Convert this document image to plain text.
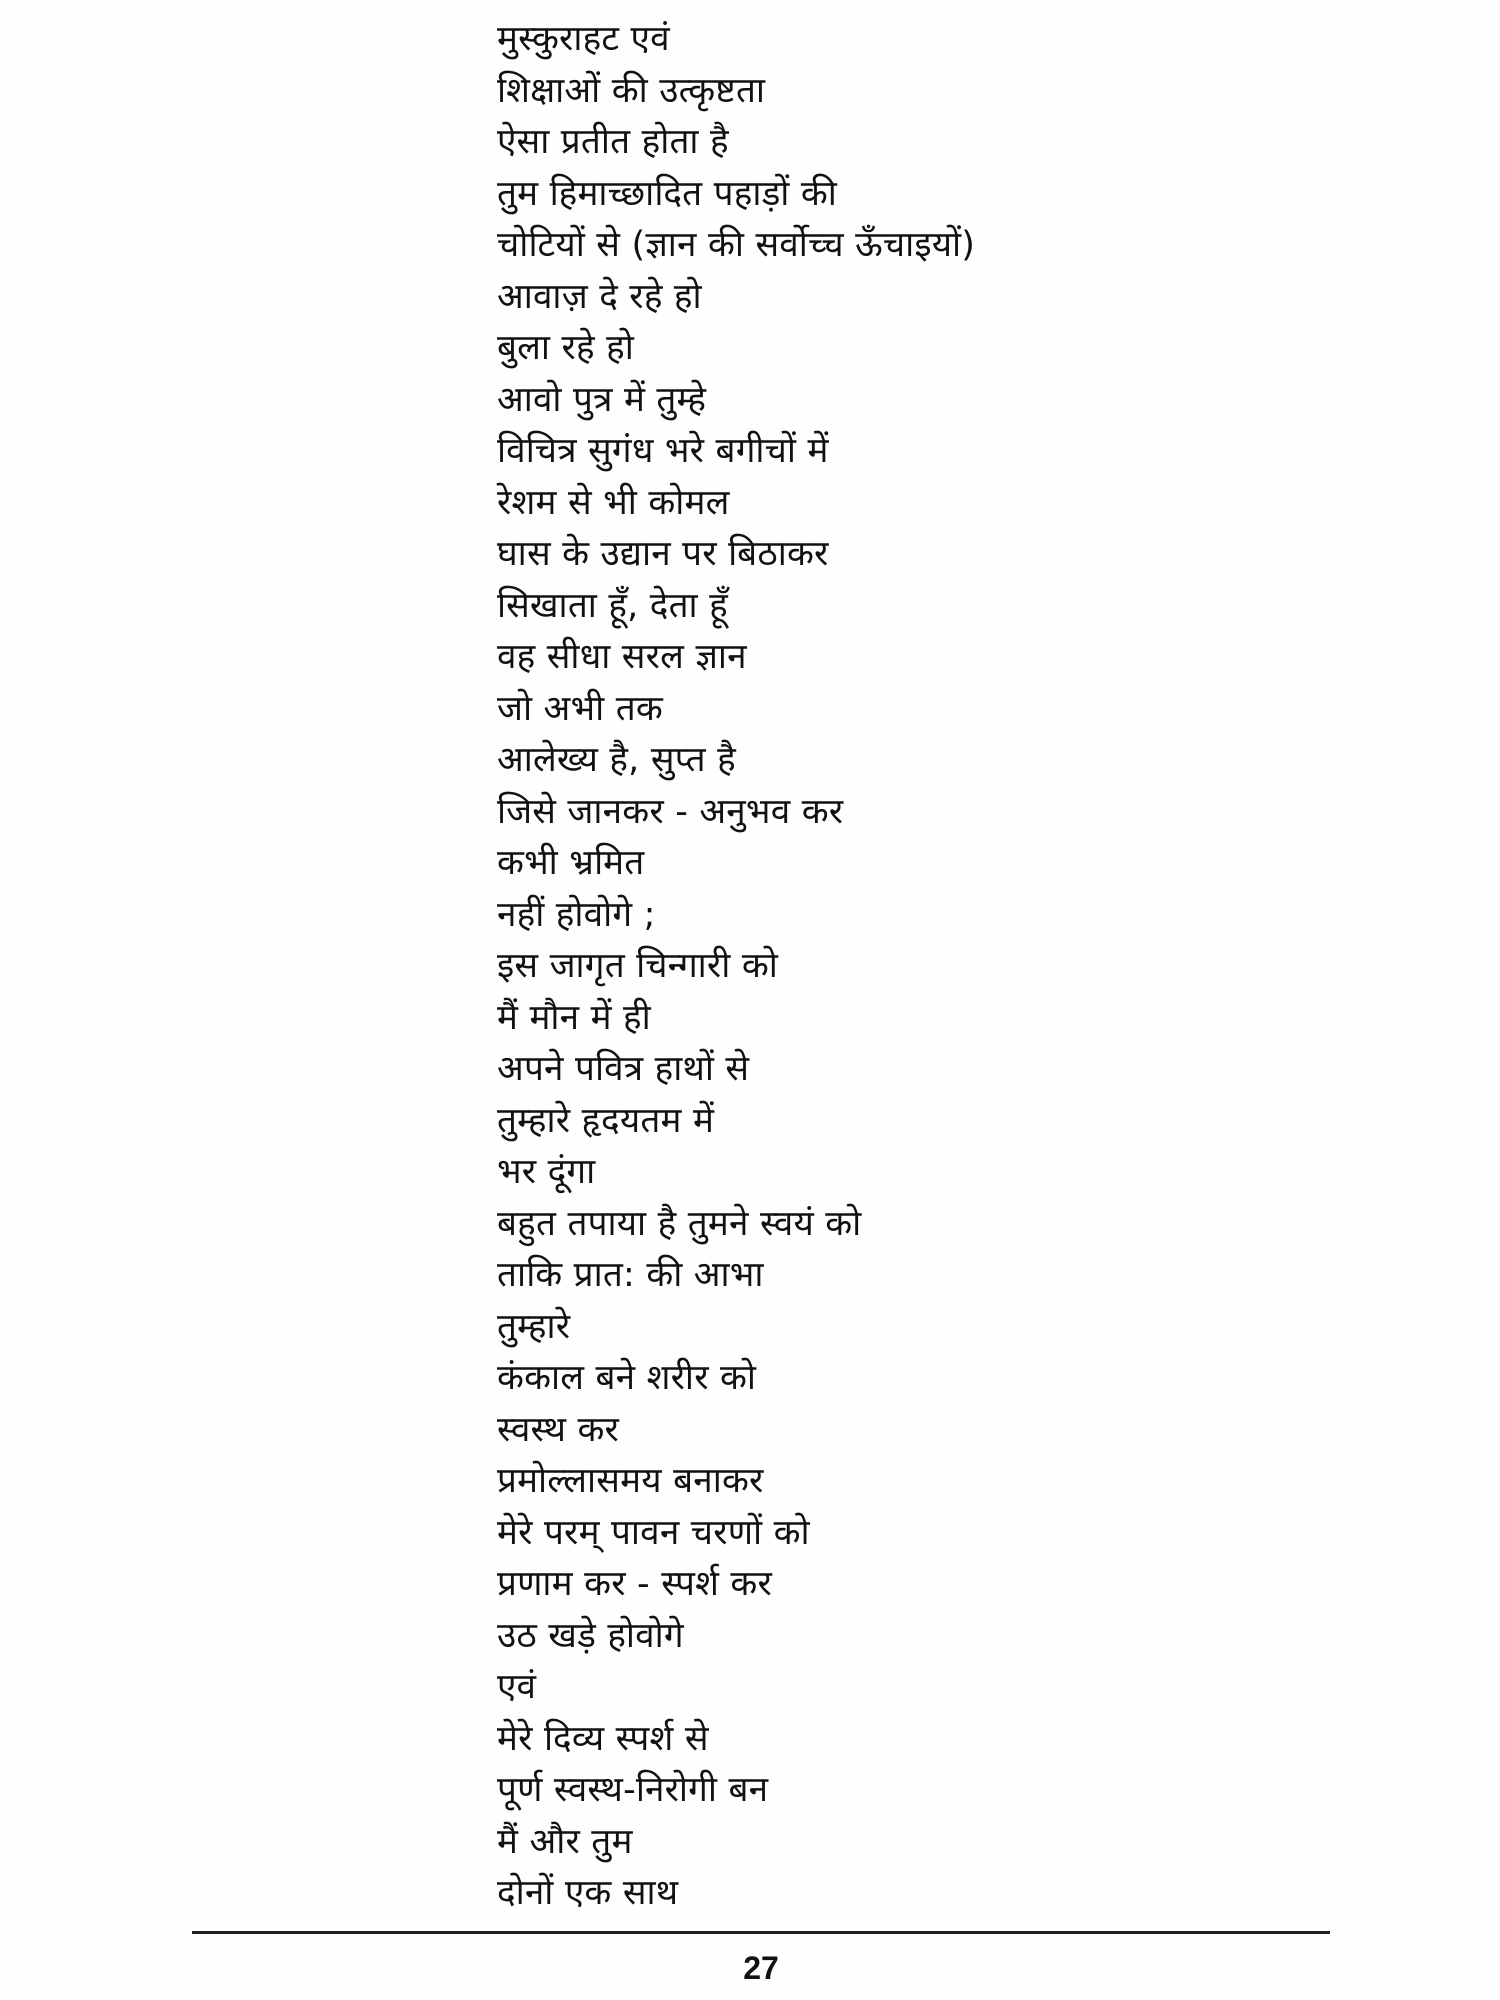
मुस्कुराहट एवं
शिक्षाओं की उत्कृष्टता
ऐसा प्रतीत होता है
तुम हिमाच्छादित पहाड़ों की
चोटियों से (ज्ञान की सर्वोच्च ऊँचाइयों)
आवाज़ दे रहे हो
बुला रहे हो
आवो पुत्र में तुम्हे
विचित्र सुगंध भरे बगीचों में
रेशम से भी कोमल
घास के उद्यान पर बिठाकर
सिखाता हूँ, देता हूँ
वह सीधा सरल ज्ञान
जो अभी तक
आलेख्य है, सुप्त है
जिसे जानकर - अनुभव कर
कभी भ्रमित
नहीं होवोगे ;
इस जागृत चिन्गारी को
मैं मौन में ही
अपने पवित्र हाथों से
तुम्हारे हृदयतम में
भर दूंगा
बहुत तपाया है तुमने स्वयं को
ताकि प्रात: की आभा
तुम्हारे
कंकाल बने शरीर को
स्वस्थ कर
प्रमोल्लासमय बनाकर
मेरे परम् पावन चरणों को
प्रणाम कर - स्पर्श कर
उठ खड़े होवोगे
एवं
मेरे दिव्य स्पर्श से
पूर्ण स्वस्थ-निरोगी बन
मैं और तुम
दोनों एक साथ
27
